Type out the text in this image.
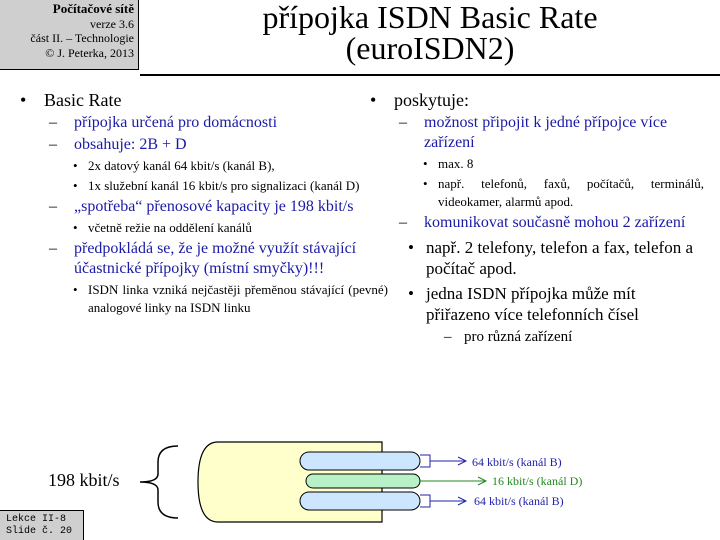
Počítačové sítě
verze 3.6
část II. – Technologie
© J. Peterka, 2013
přípojka ISDN Basic Rate
(euroISDN2)
• Basic Rate
– přípojka určená pro domácnosti
– obsahuje: 2B + D
• 2x datový kanál 64 kbit/s (kanál B),
• 1x služební kanál 16 kbit/s pro signalizaci (kanál D)
– „spotřeba“ přenosové kapacity je 198 kbit/s
• včetně režie na oddělení kanálů
– předpokládá se, že je možné využít stávající účastnické přípojky (místní smyčky)!!!
• ISDN linka vzniká nejčastěji přeměnou stávající (pevné) analogové linky na ISDN linku
• poskytuje:
– možnost připojit k jedné přípojce více zařízení
• max. 8
• např. telefonů, faxů, počítačů, terminálů, videokamer, alarmů apod.
– komunikovat současně mohou 2 zařízení
• např. 2 telefony, telefon a fax, telefon a počítač apod.
• jedna ISDN přípojka může mít přiřazeno více telefonních čísel
– pro různá zařízení
198 kbit/s
64 kbit/s (kanál B)
16 kbit/s (kanál D)
64 kbit/s (kanál B)
Lekce II-8
Slide č. 20
